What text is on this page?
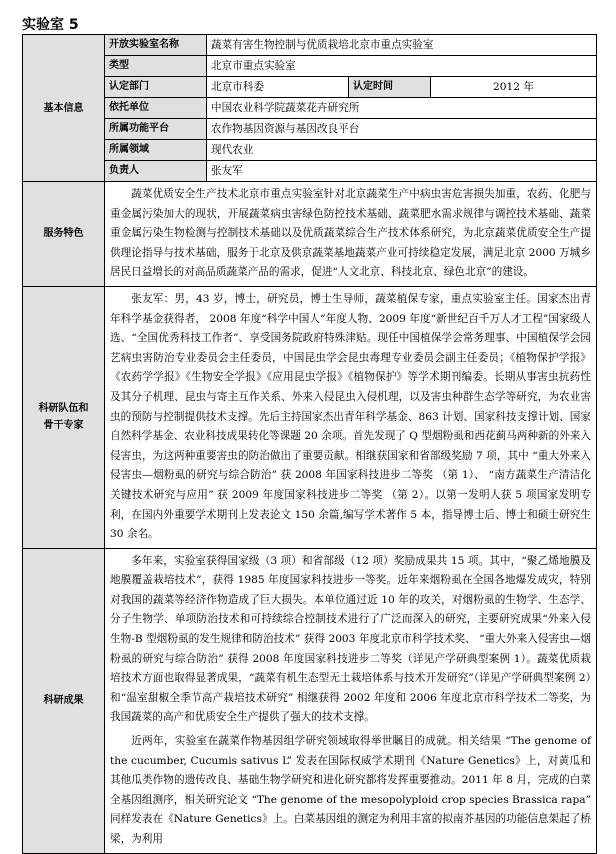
实验室 5
基本信息	开放实验室名称	蔬菜有害生物控制与优质栽培北京市重点实验室		
	类型	北京市重点实验室		
	认定部门	北京市科委	认定时间	2012 年
	依托单位	中国农业科学院蔬菜花卉研究所		
	所属功能平台	农作物基因资源与基因改良平台		
	所属领域	现代农业		
	负责人	张友军		
服务特色	蔬菜优质安全生产技术北京市重点实验室针对北京蔬菜生产中病虫害危害损失加重，农药、化肥与重金属污染加大的现状，开展蔬菜病虫害绿色防控技术基础、蔬菜肥水需求规律与调控技术基础、蔬菜重金属污染生物检测与控制技术基础以及优质蔬菜综合生产技术体系研究，为北京蔬菜优质安全生产提供理论指导与技术基础，服务于北京及供京蔬菜基地蔬菜产业可持续稳定发展，满足北京 2000 万城乡居民日益增长的对高品质蔬菜产品的需求，促进“人文北京、科技北京、绿色北京”的建设。			

科研队伍和
骨干专家	张友军：男，43 岁，博士，研究员，博士生导师，蔬菜植保专家，重点实验室主任。国家杰出青年科学基金获得者， 2008 年度“科学中国人”年度人物、2009 年度“新世纪百千万人才工程”国家级人选、“全国优秀科技工作者”、享受国务院政府特殊津贴。现任中国植保学会常务理事、中国植保学会园艺病虫害防治专业委员会主任委员，中国昆虫学会昆虫毒理专业委员会副主任委员；《植物保护学报》《农药学学报》《生物安全学报》《应用昆虫学报》《植物保护》等学术期刊编委。长期从事害虫抗药性及其分子机理、昆虫与寄主互作关系、外来入侵昆虫入侵机理，以及害虫种群生态学等研究，为农业害虫的预防与控制提供技术支撑。先后主持国家杰出青年科学基金、863 计划、国家科技支撑计划、国家自然科学基金、农业科技成果转化等课题 20 余项。首先发现了 Q 型烟粉虱和西花蓟马两种新的外来入侵害虫，为这两种重要害虫的防治做出了重要贡献。相继获国家和省部级奖励 7 项，其中 “重大外来入侵害虫—烟粉虱的研究与综合防治” 获 2008 年国家科技进步二等奖 （第 1）、 “南方蔬菜生产清洁化关键技术研究与应用” 获 2009 年度国家科技进步二等奖 （第 2）。以第一发明人获 5 项国家发明专利，在国内外重要学术期刊上发表论文 150 余篇,编写学术著作 5 本，指导博士后、博士和硕士研究生 30 余名。			

科研成果	多年来，实验室获得国家级（3 项）和省部级（12 项）奖励成果共 15 项。其中，“聚乙烯地膜及地膜覆盖栽培技术”，获得 1985 年度国家科技进步一等奖。近年来烟粉虱在全国各地爆发成灾，特别对我国的蔬菜等经济作物造成了巨大损失。本单位通过近 10 年的攻关，对烟粉虱的生物学、生态学、分子生物学、单项防治技术和可持续综合控制技术进行了广泛而深入的研究，主要研究成果“外来入侵生物-B 型烟粉虱的发生规律和防治技术” 获得 2003 年度北京市科学技术奖、 “重大外来入侵害虫—烟粉虱的研究与综合防治” 获得 2008 年度国家科技进步二等奖（详见产学研典型案例 1）。蔬菜优质栽培技术方面也取得显著成果，“蔬菜有机生态型无土栽培体系与技术开发研究”（详见产学研典型案例 2）和“温室甜椒全季节高产栽培技术研究” 相继获得 2002 年度和 2006 年度北京市科学技术二等奖，为我国蔬菜的高产和优质安全生产提供了强大的技术支撑。

近两年，实验室在蔬菜作物基因组学研究领域取得举世瞩目的成就。相关结果 “The genome of the cucumber, Cucumis sativus L” 发表在国际权威学术期刊《Nature Genetics》上，对黄瓜和其他瓜类作物的遗传改良、基础生物学研究和进化研究都将发挥重要推动。2011 年 8 月，完成的白菜全基因组测序，相关研究论文 “The genome of the mesopolyploid crop species Brassica rapa” 同样发表在《Nature Genetics》上。白菜基因组的测定为利用丰富的拟南芥基因的功能信息架起了桥梁，为利用			
